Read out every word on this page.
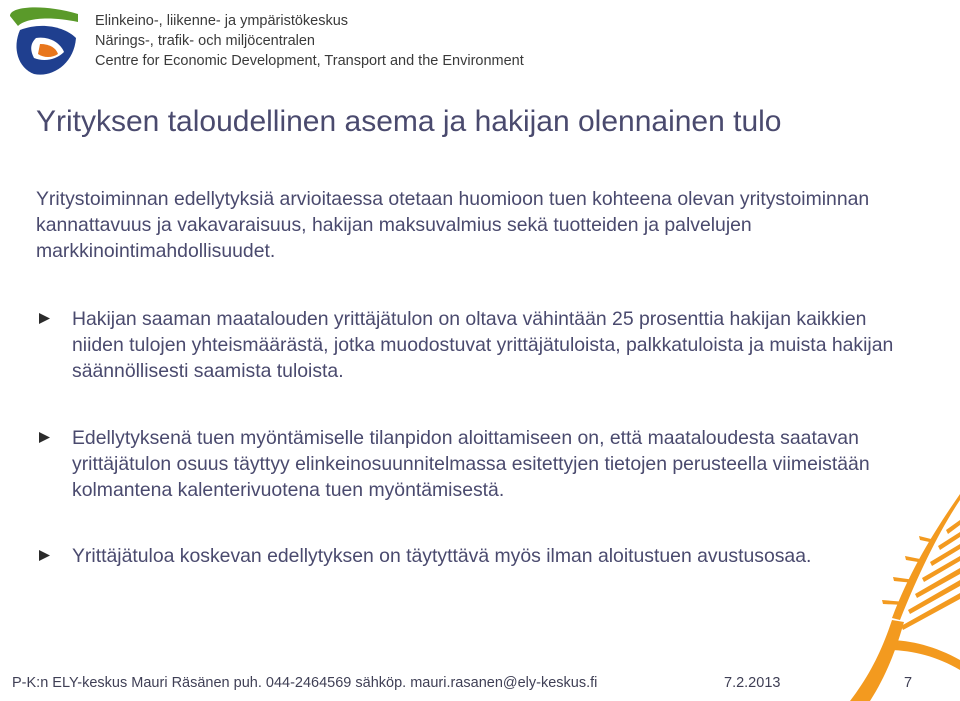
Elinkeino-, liikenne- ja ympäristökeskus
Närings-, trafik- och miljöcentralen
Centre for Economic Development, Transport and the Environment
Yrityksen taloudellinen asema ja hakijan olennainen tulo

Yritystoiminnan edellytyksiä arvioitaessa otetaan huomioon tuen kohteena olevan yritystoiminnan kannattavuus ja vakavaraisuus, hakijan maksuvalmius sekä tuotteiden ja palvelujen markkinointimahdollisuudet.

Hakijan saaman maatalouden yrittäjätulon on oltava vähintään 25 prosenttia hakijan kaikkien niiden tulojen yhteismäärästä, jotka muodostuvat yrittäjätuloista, palkkatuloista ja muista hakijan säännöllisesti saamista tuloista.

Edellytyksenä tuen myöntämiselle tilanpidon aloittamiseen on, että maataloudesta saatavan yrittäjätulon osuus täyttyy elinkeinosuunnitelmassa esitettyjen tietojen perusteella viimeistään kolmantena kalenterivuotena tuen myöntämisestä.

Yrittäjätuloa koskevan edellytyksen on täytyttävä myös ilman aloitustuen avustusosaa.

P-K:n ELY-keskus Mauri Räsänen puh. 044-2464569 sähköp. mauri.rasanen@ely-keskus.fi	7.2.2013	7
